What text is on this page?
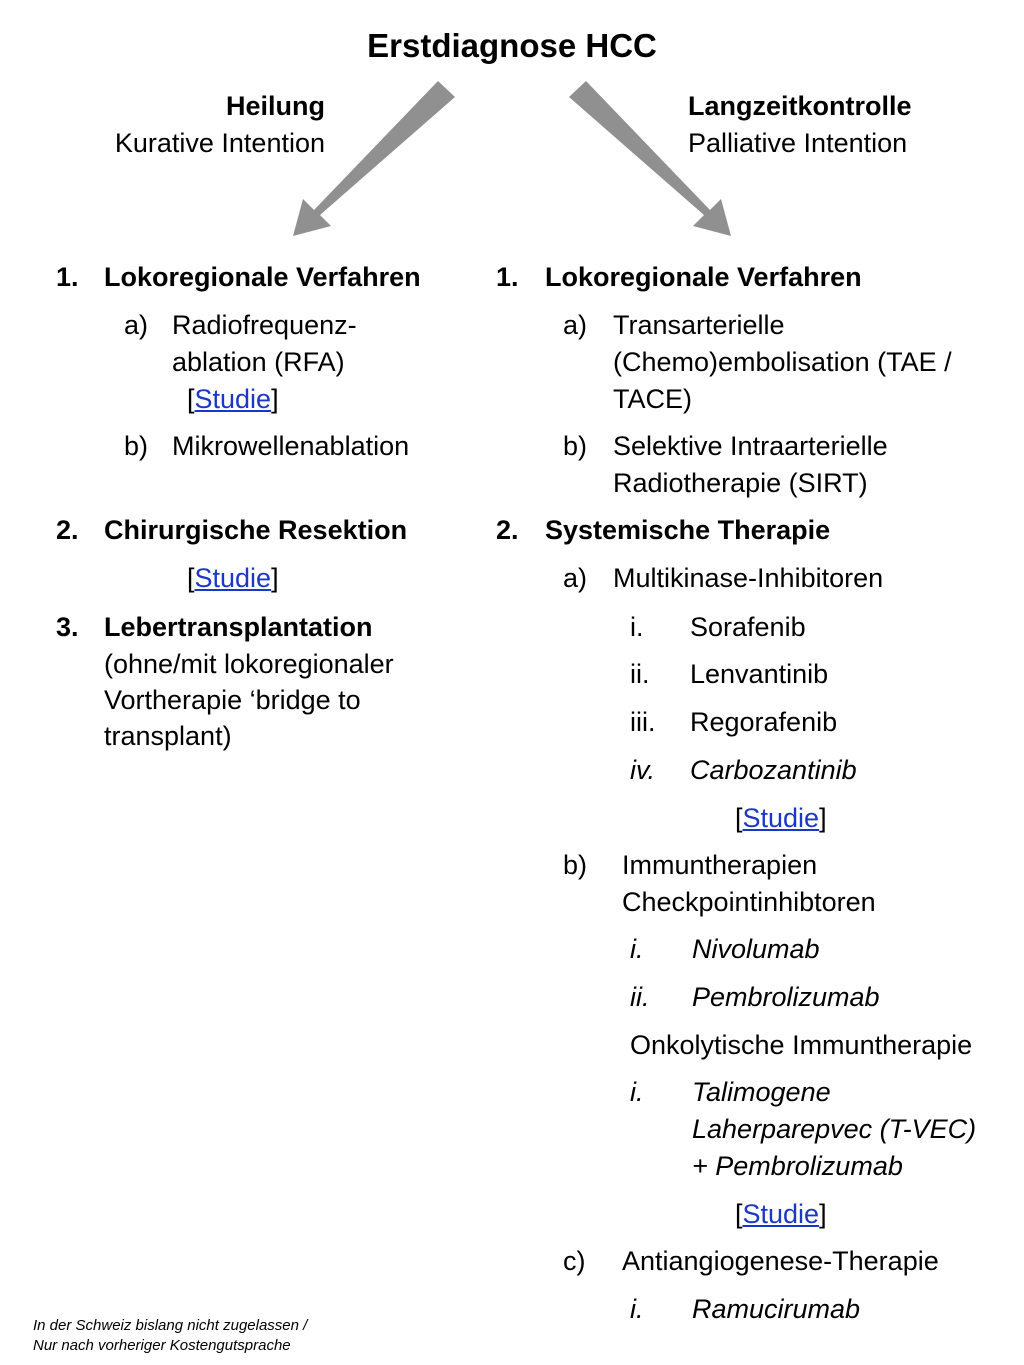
Erstdiagnose HCC
Heilung
Kurative Intention
Langzeitkontrolle
Palliative Intention
1. Lokoregionale Verfahren
a) Radiofrequenz-
ablation (RFA)
[Studie]
b) Mikrowellenablation
2. Chirurgische Resektion
[Studie]
3. Lebertransplantation
(ohne/mit lokoregionaler
Vortherapie ‘bridge to
transplant)
1. Lokoregionale Verfahren
a) Transarterielle
(Chemo)embolisation (TAE /
TACE)
b) Selektive Intraarterielle
Radiotherapie (SIRT)
2. Systemische Therapie
a) Multikinase-Inhibitoren
i. Sorafenib
ii. Lenvantinib
iii. Regorafenib
iv. Carbozantinib
[Studie]
b) Immuntherapien
Checkpointinhibtoren
i. Nivolumab
ii. Pembrolizumab
Onkolytische Immuntherapie
i. Talimogene
Laherparepvec (T-VEC)
+ Pembrolizumab
[Studie]
c) Antiangiogenese-Therapie
i. Ramucirumab
In der Schweiz bislang nicht zugelassen /
Nur nach vorheriger Kostengutsprache
